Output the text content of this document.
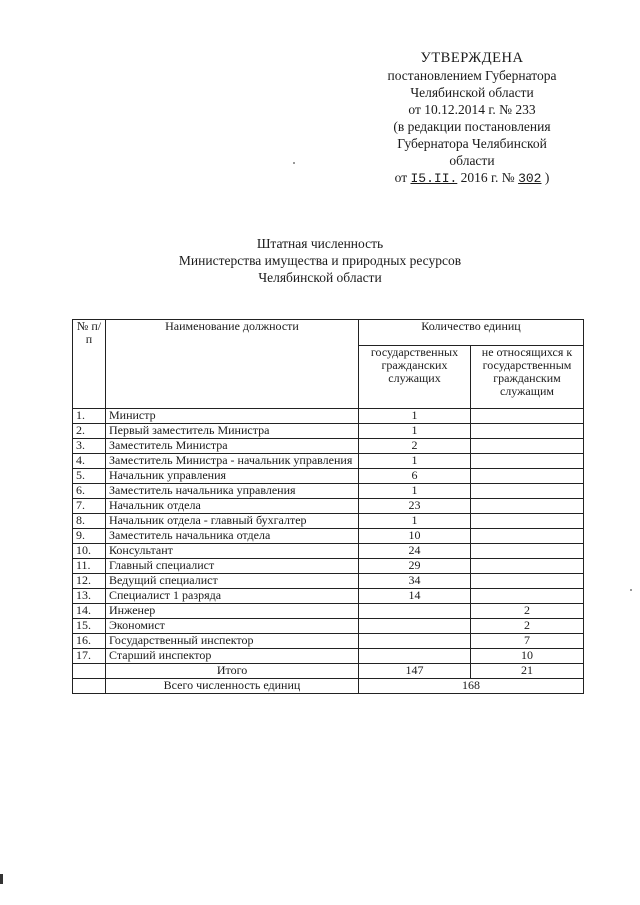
УТВЕРЖДЕНА
постановлением Губернатора
Челябинской области
от 10.12.2014 г. № 233
(в редакции постановления
Губернатора Челябинской
области
от I5.II. 2016 г. № 302 )
Штатная численность
Министерства имущества и природных ресурсов
Челябинской области
№ п/п	Наименование должности	Количество единиц	
		государственных гражданских служащих	не относящихся к государственным гражданским служащим
1.	Министр	1	
2.	Первый заместитель Министра	1	
3.	Заместитель Министра	2	
4.	Заместитель Министра - начальник управления	1	
5.	Начальник управления	6	
6.	Заместитель начальника управления	1	
7.	Начальник отдела	23	
8.	Начальник отдела - главный бухгалтер	1	
9.	Заместитель начальника отдела	10	
10.	Консультант	24	
11.	Главный специалист	29	
12.	Ведущий специалист	34	
13.	Специалист 1 разряда	14	
14.	Инженер		2
15.	Экономист		2
16.	Государственный инспектор		7
17.	Старший инспектор		10
	Итого	147	21
	Всего численность единиц	168	
